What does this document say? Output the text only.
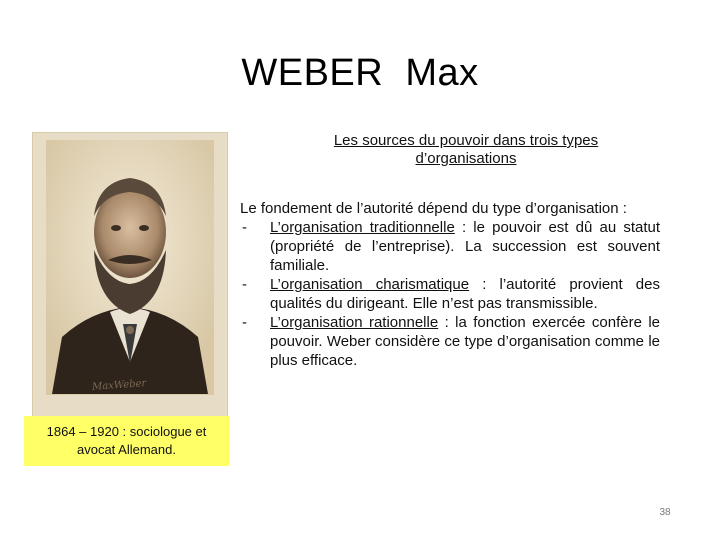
WEBER  Max
MaxWeber
1864 – 1920 : sociologue et
avocat Allemand.
Les sources du pouvoir dans trois types
d’organisations

Le fondement de l’autorité dépend du type d’organisation :

- L’organisation traditionnelle : le pouvoir est dû au statut (propriété de l’entreprise). La succession est souvent familiale.
- L’organisation charismatique : l’autorité provient des qualités du dirigeant. Elle n’est pas transmissible.
- L’organisation rationnelle : la fonction exercée confère le pouvoir. Weber considère ce type d’organisation comme le plus efficace.
38
